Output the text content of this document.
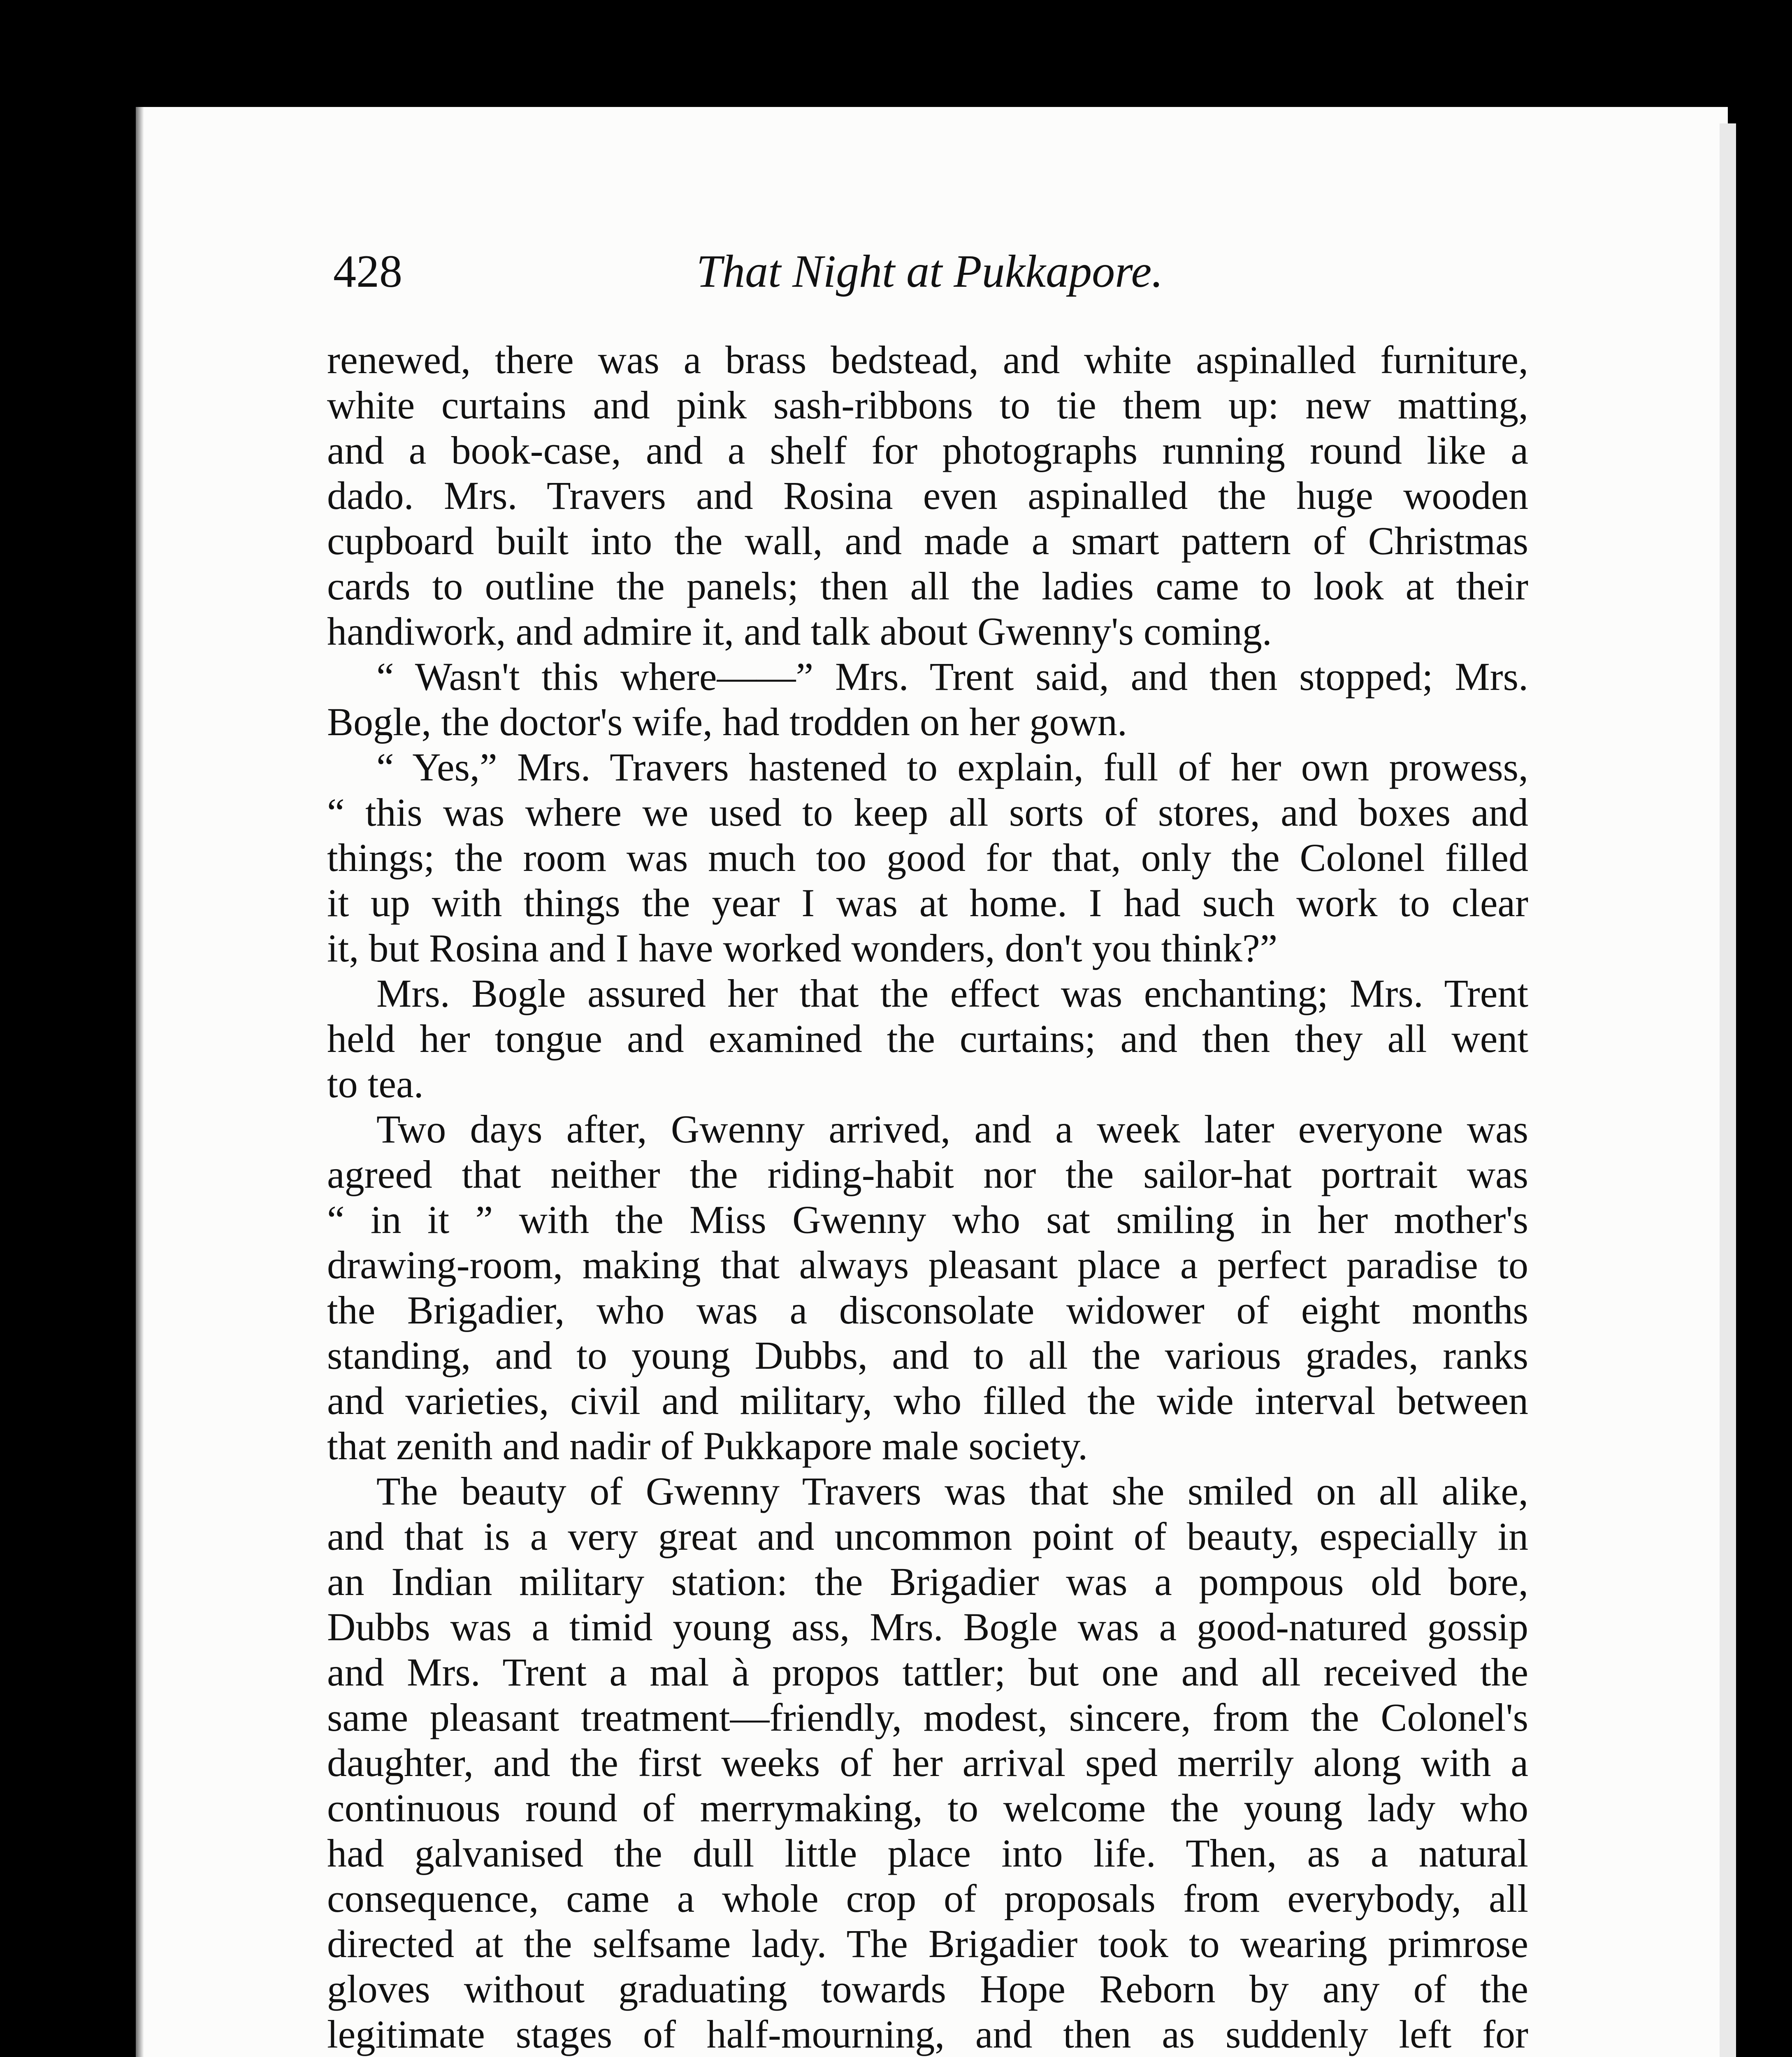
428	That Night at Pukkapore.
renewed, there was a brass bedstead, and white aspinalled furniture,
white curtains and pink sash-ribbons to tie them up: new matting,
and a book-case, and a shelf for photographs running round like a
dado. Mrs. Travers and Rosina even aspinalled the huge wooden
cupboard built into the wall, and made a smart pattern of Christmas
cards to outline the panels; then all the ladies came to look at their
handiwork, and admire it, and talk about Gwenny's coming.
“ Wasn't this where——” Mrs. Trent said, and then stopped; Mrs.
Bogle, the doctor's wife, had trodden on her gown.
“ Yes,” Mrs. Travers hastened to explain, full of her own prowess,
“ this was where we used to keep all sorts of stores, and boxes and
things; the room was much too good for that, only the Colonel filled
it up with things the year I was at home. I had such work to clear
it, but Rosina and I have worked wonders, don't you think?”
Mrs. Bogle assured her that the effect was enchanting; Mrs. Trent
held her tongue and examined the curtains; and then they all went
to tea.
Two days after, Gwenny arrived, and a week later everyone was
agreed that neither the riding-habit nor the sailor-hat portrait was
“ in it ” with the Miss Gwenny who sat smiling in her mother's
drawing-room, making that always pleasant place a perfect paradise to
the Brigadier, who was a disconsolate widower of eight months
standing, and to young Dubbs, and to all the various grades, ranks
and varieties, civil and military, who filled the wide interval between
that zenith and nadir of Pukkapore male society.
The beauty of Gwenny Travers was that she smiled on all alike,
and that is a very great and uncommon point of beauty, especially in
an Indian military station: the Brigadier was a pompous old bore,
Dubbs was a timid young ass, Mrs. Bogle was a good-natured gossip
and Mrs. Trent a mal à propos tattler; but one and all received the
same pleasant treatment—friendly, modest, sincere, from the Colonel's
daughter, and the first weeks of her arrival sped merrily along with a
continuous round of merrymaking, to welcome the young lady who
had galvanised the dull little place into life. Then, as a natural
consequence, came a whole crop of proposals from everybody, all
directed at the selfsame lady. The Brigadier took to wearing primrose
gloves without graduating towards Hope Reborn by any of the
legitimate stages of half-mourning, and then as suddenly left for
